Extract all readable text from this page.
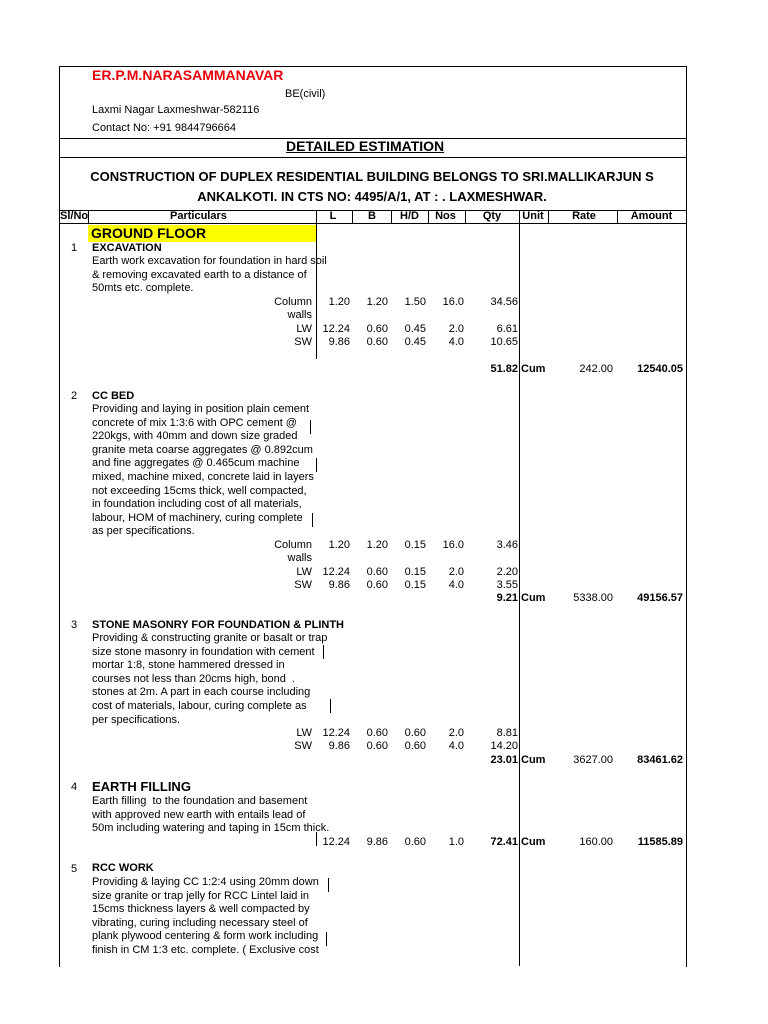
ER.P.M.NARASAMMANAVAR
BE(civil)
Laxmi Nagar Laxmeshwar-582116
Contact No: +91 9844796664
DETAILED ESTIMATION
CONSTRUCTION OF DUPLEX RESIDENTIAL BUILDING BELONGS TO SRI.MALLIKARJUN S
ANKALKOTI. IN CTS NO: 4495/A/1, AT : . LAXMESHWAR.
Sl/No	Particulars	L	B	H/D	Nos	Qty	Unit	Rate	Amount
GROUND FLOOR
1	EXCAVATION
Earth work excavation for foundation in hard soil
& removing excavated earth to a distance of
50mts etc. complete.
Column	1.20	1.20	1.50	16.0	34.56
walls
LW 12.24	0.60	0.45	2.0	6.61
SW	9.86	0.60	0.45	4.0	10.65
51.82 Cum	242.00	12540.05
2	CC BED
Providing and laying in position plain cement
concrete of mix 1:3:6 with OPC cement @
220kgs, with 40mm and down size graded
granite meta coarse aggregates @ 0.892cum
and fine aggregates @ 0.465cum machine
mixed, machine mixed, concrete laid in layers
not exceeding 15cms thick, well compacted,
in foundation including cost of all materials,
labour, HOM of machinery, curing complete
as per specifications.
Column	1.20	1.20	0.15	16.0	3.46
walls
LW 12.24	0.60	0.15	2.0	2.20
SW	9.86	0.60	0.15	4.0	3.55
9.21 Cum	5338.00	49156.57
3	STONE MASONRY FOR FOUNDATION & PLINTH
Providing & constructing granite or basalt or trap
size stone masonry in foundation with cement
mortar 1:8, stone hammered dressed in
courses not less than 20cms high, bond  .
stones at 2m. A part in each course including
cost of materials, labour, curing complete as
per specifications.
LW 12.24	0.60	0.60	2.0	8.81
SW	9.86	0.60	0.60	4.0	14.20
23.01 Cum	3627.00	83461.62
4	EARTH FILLING
Earth filling  to the foundation and basement
with approved new earth with entails lead of
50m including watering and taping in 15cm thick.
12.24	9.86	0.60	1.0	72.41 Cum	160.00	11585.89
5	RCC WORK
Providing & laying CC 1:2:4 using 20mm down
size granite or trap jelly for RCC Lintel laid in
15cms thickness layers & well compacted by
vibrating, curing including necessary steel of
plank plywood centering & form work including
finish in CM 1:3 etc. complete. ( Exclusive cost
